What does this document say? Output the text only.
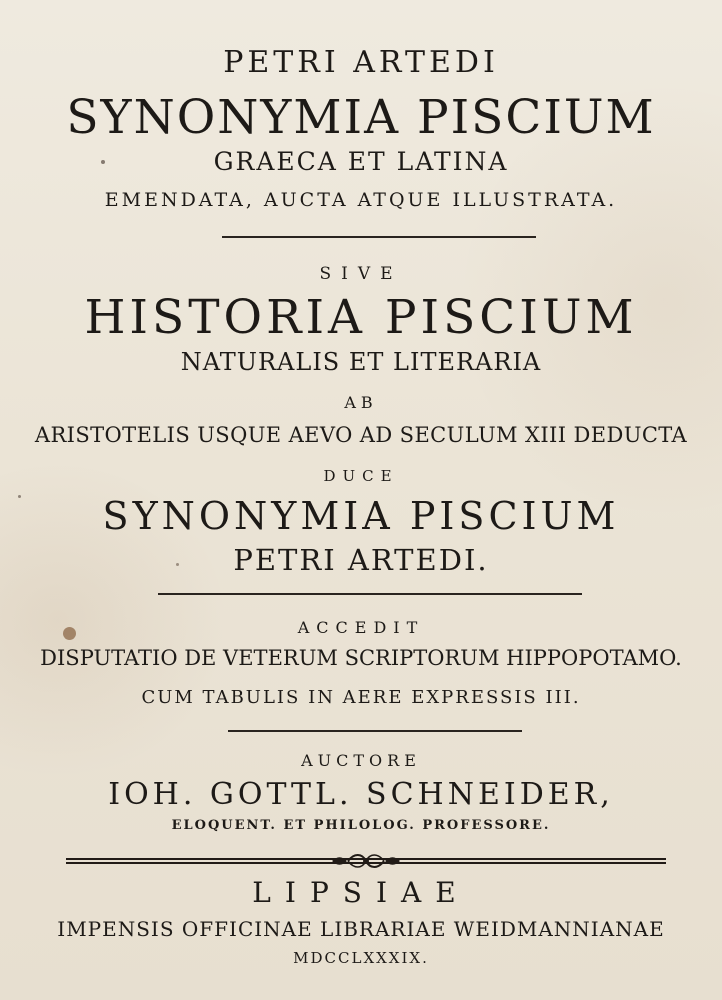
PETRI ARTEDI
SYNONYMIA PISCIUM
GRAECA ET LATINA
EMENDATA, AUCTA ATQUE ILLUSTRATA.
SIVE
HISTORIA PISCIUM
NATURALIS ET LITERARIA
AB
ARISTOTELIS USQUE AEVO AD SECULUM XIII DEDUCTA
DUCE
SYNONYMIA PISCIUM
PETRI ARTEDI.
ACCEDIT
DISPUTATIO DE VETERUM SCRIPTORUM HIPPOPOTAMO.
CUM TABULIS IN AERE EXPRESSIS III.
AUCTORE
IOH. GOTTL. SCHNEIDER,
ELOQUENT. ET PHILOLOG. PROFESSORE.
LIPSIAE
IMPENSIS OFFICINAE LIBRARIAE WEIDMANNIANAE
MDCCLXXXIX.
